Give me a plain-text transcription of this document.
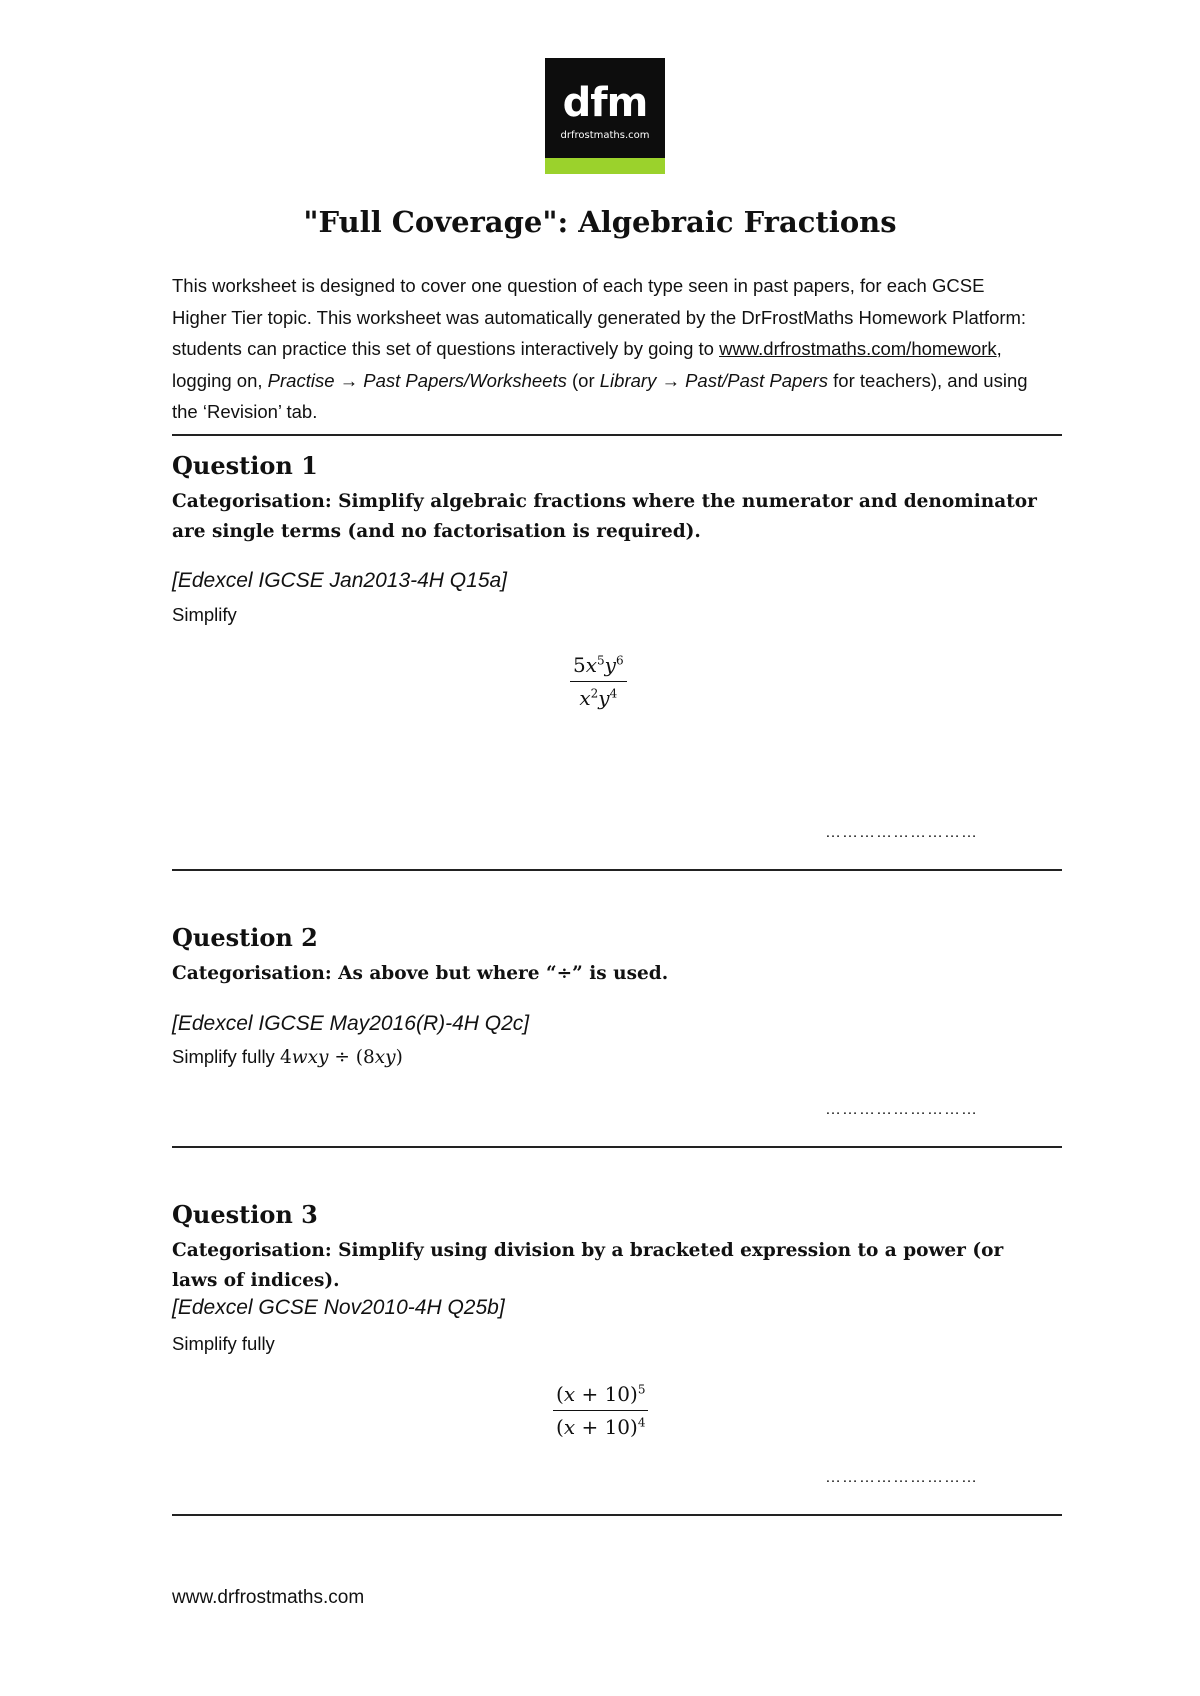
dfm
drfrostmaths.com
"Full Coverage": Algebraic Fractions
This worksheet is designed to cover one question of each type seen in past papers, for each GCSE Higher Tier topic. This worksheet was automatically generated by the DrFrostMaths Homework Platform: students can practice this set of questions interactively by going to www.drfrostmaths.com/homework, logging on, Practise → Past Papers/Worksheets (or Library → Past/Past Papers for teachers), and using the ‘Revision’ tab.
Question 1
Categorisation: Simplify algebraic fractions where the numerator and denominator are single terms (and no factorisation is required).
[Edexcel IGCSE Jan2013-4H Q15a]
Simplify
$\frac{5x^5y^6}{x^2y^4}$
………………………
Question 2
Categorisation: As above but where “÷” is used.
[Edexcel IGCSE May2016(R)-4H Q2c]
Simplify fully 4wxy ÷ (8xy)
………………………
Question 3
Categorisation: Simplify using division by a bracketed expression to a power (or laws of indices).
[Edexcel GCSE Nov2010-4H Q25b]
Simplify fully
$\frac{(x + 10)^5}{(x + 10)^4}$
………………………
www.drfrostmaths.com
